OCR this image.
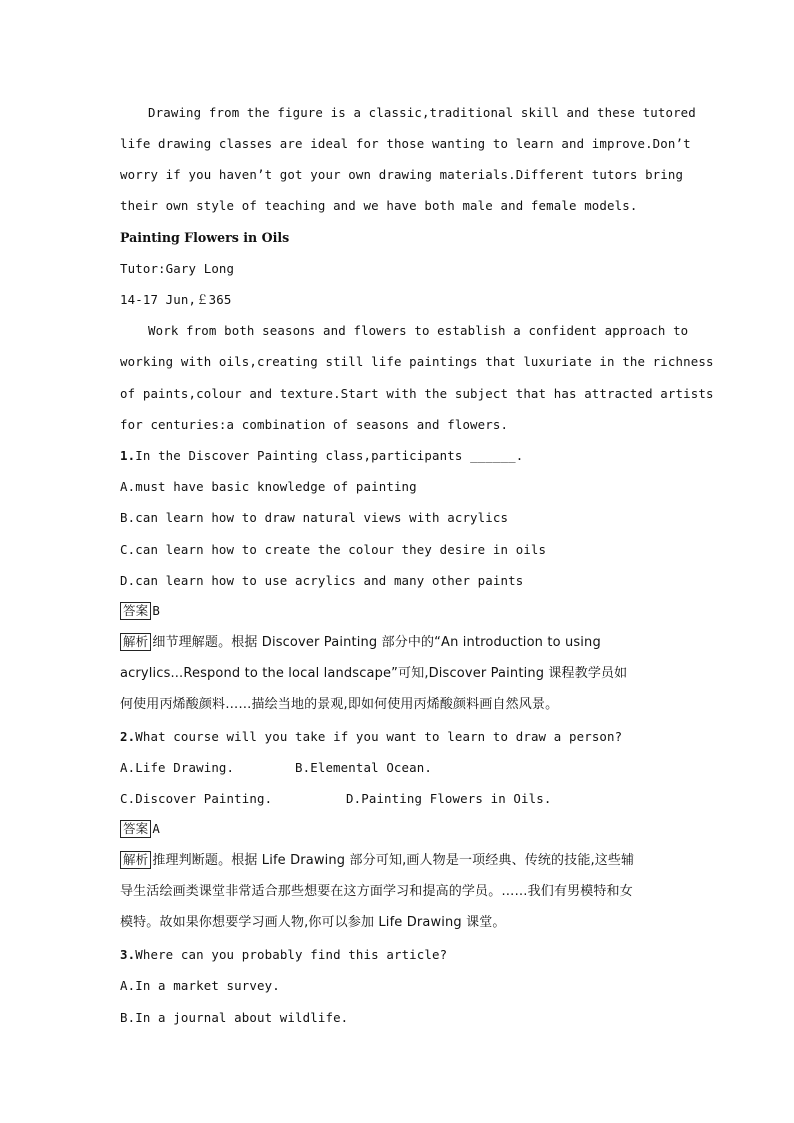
Drawing from the figure is a classic,traditional skill and these tutored
life drawing classes are ideal for those wanting to learn and improve.Don’t
worry if you haven’t got your own drawing materials.Different tutors bring
their own style of teaching and we have both male and female models.
Painting Flowers in Oils
Tutor:Gary Long
14-17 Jun,￡365
Work from both seasons and flowers to establish a confident approach to
working with oils,creating still life paintings that luxuriate in the richness
of paints,colour and texture.Start with the subject that has attracted artists
for centuries:a combination of seasons and flowers.
1.In the Discover Painting class,participants ______.
A.must have basic knowledge of painting
B.can learn how to draw natural views with acrylics
C.can learn how to create the colour they desire in oils
D.can learn how to use acrylics and many other paints
答案 B
解析 细节理解题。根据 Discover Painting 部分中的“An introduction to using
acrylics...Respond to the local landscape”可知,Discover Painting 课程教学员如
何使用丙烯酸颜料……描绘当地的景观,即如何使用丙烯酸颜料画自然风景。
2.What course will you take if you want to learn to draw a person?
A.Life Drawing.	B.Elemental Ocean.
C.Discover Painting.	D.Painting Flowers in Oils.
答案 A
解析 推理判断题。根据 Life Drawing 部分可知,画人物是一项经典、传统的技能,这些辅
导生活绘画类课堂非常适合那些想要在这方面学习和提高的学员。……我们有男模特和女
模特。故如果你想要学习画人物,你可以参加 Life Drawing 课堂。
3.Where can you probably find this article?
A.In a market survey.
B.In a journal about wildlife.
